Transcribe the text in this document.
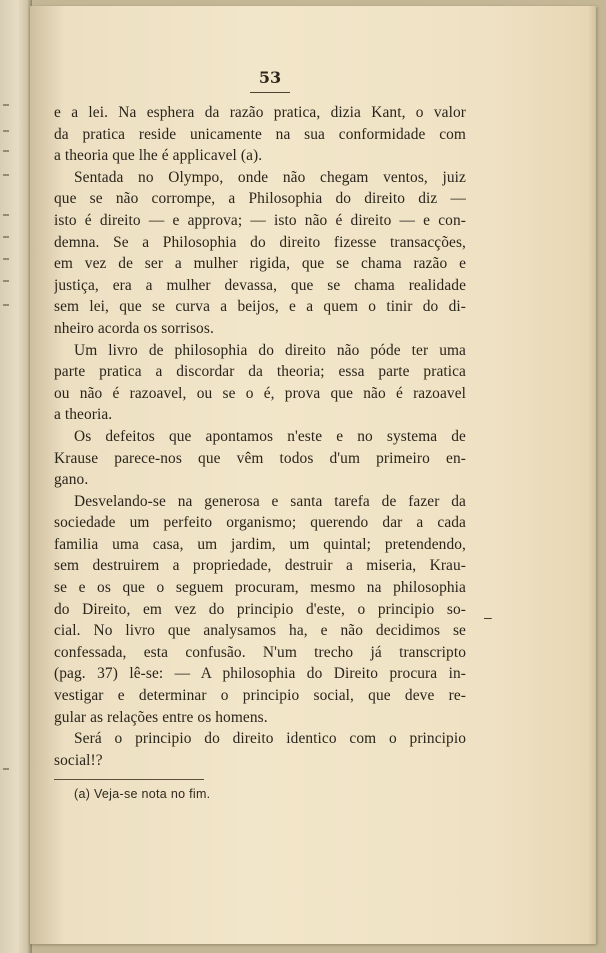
53
e a lei. Na esphera da razão pratica, dizia Kant, o valor
da pratica reside unicamente na sua conformidade com
a theoria que lhe é applicavel (a).
Sentada no Olympo, onde não chegam ventos, juiz
que se não corrompe, a Philosophia do direito diz —
isto é direito — e approva; — isto não é direito — e con-
demna. Se a Philosophia do direito fizesse transacções,
em vez de ser a mulher rigida, que se chama razão e
justiça, era a mulher devassa, que se chama realidade
sem lei, que se curva a beijos, e a quem o tinir do di-
nheiro acorda os sorrisos.
Um livro de philosophia do direito não póde ter uma
parte pratica a discordar da theoria; essa parte pratica
ou não é razoavel, ou se o é, prova que não é razoavel
a theoria.
Os defeitos que apontamos n'este e no systema de
Krause parece-nos que vêm todos d'um primeiro en-
gano.
Desvelando-se na generosa e santa tarefa de fazer da
sociedade um perfeito organismo; querendo dar a cada
familia uma casa, um jardim, um quintal; pretendendo,
sem destruirem a propriedade, destruir a miseria, Krau-
se e os que o seguem procuram, mesmo na philosophia
do Direito, em vez do principio d'este, o principio so-
cial. No livro que analysamos ha, e não decidimos se
confessada, esta confusão. N'um trecho já transcripto
(pag. 37) lê-se: — A philosophia do Direito procura in-
vestigar e determinar o principio social, que deve re-
gular as relações entre os homens.
Será o principio do direito identico com o principio
social!?
(a) Veja-se nota no fim.
–
